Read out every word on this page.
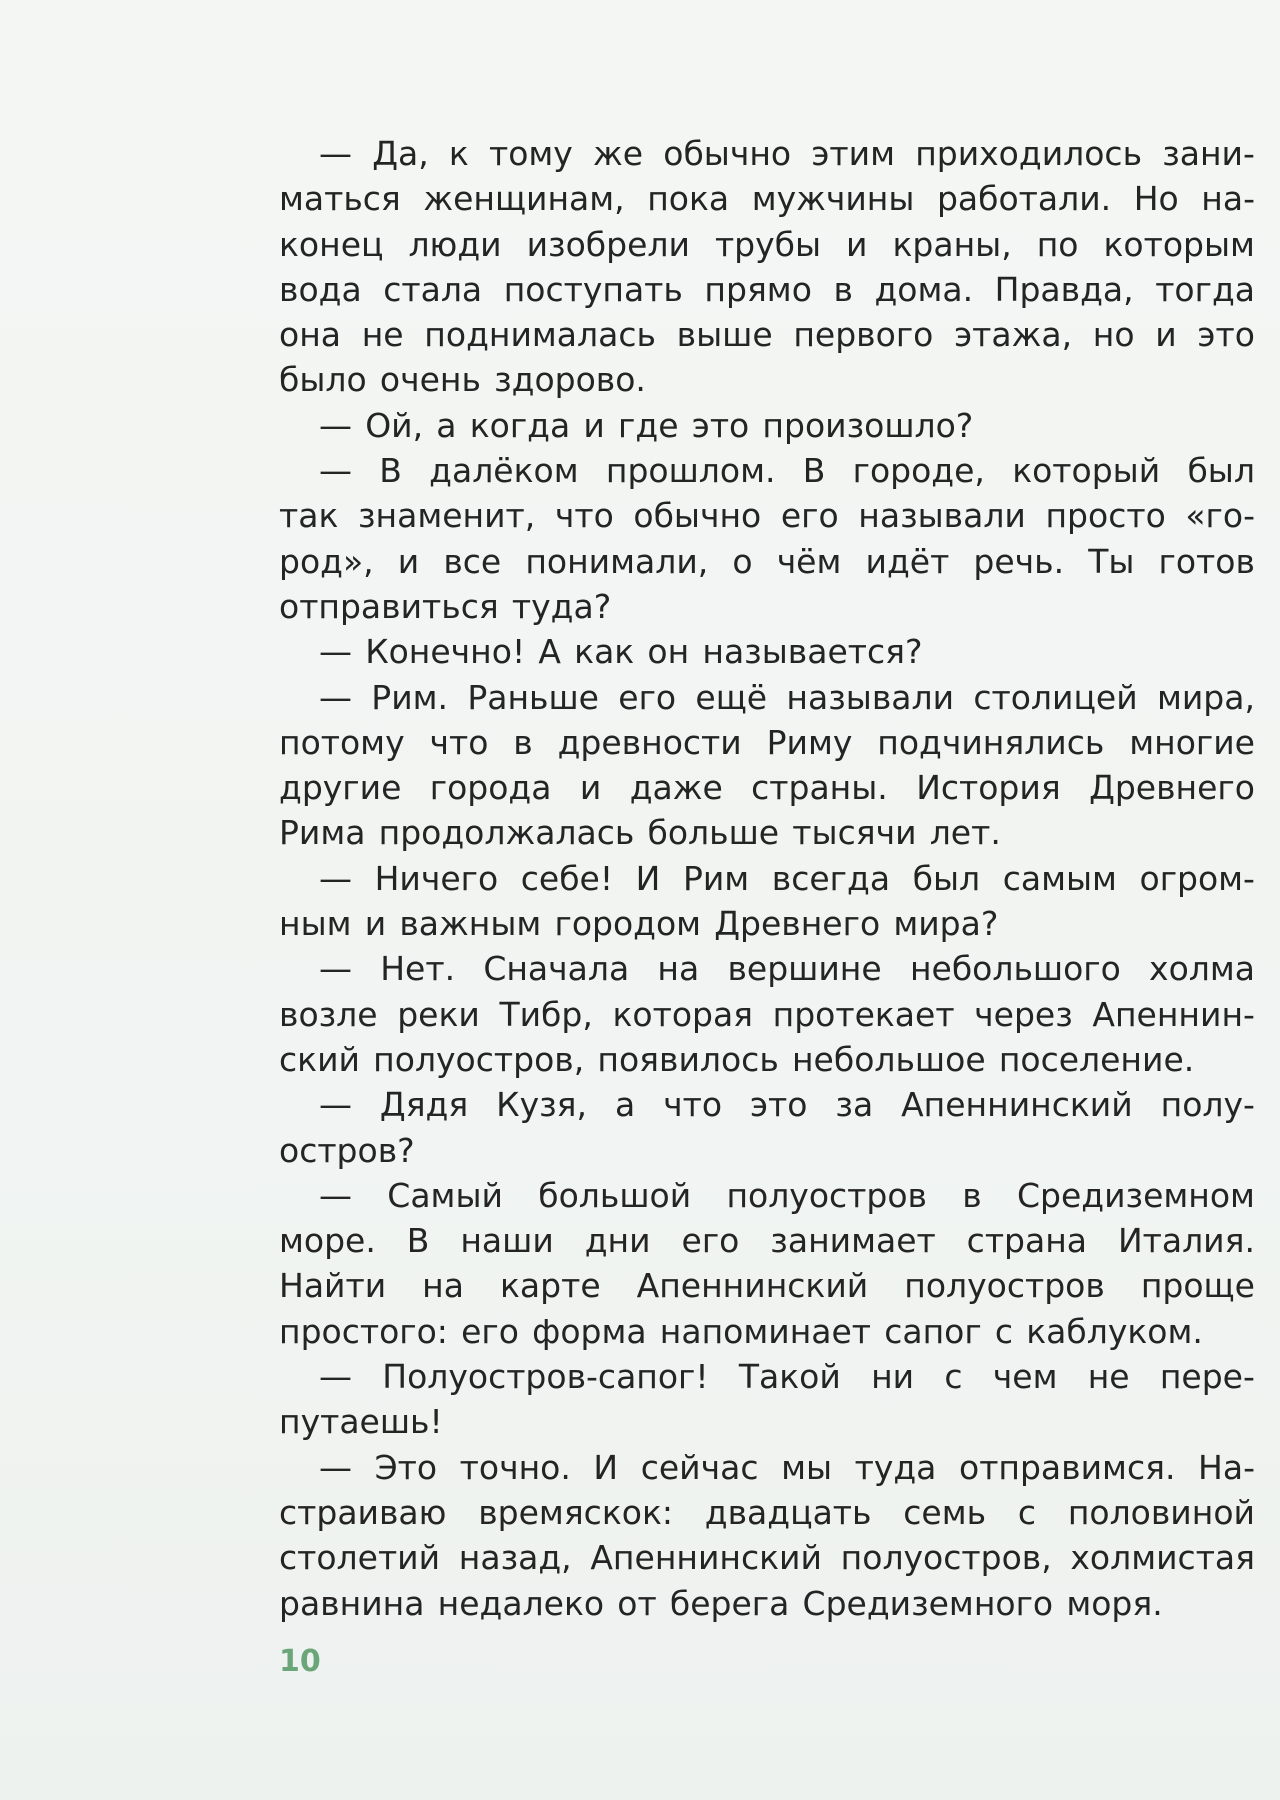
— Да, к тому же обычно этим приходилось зани-
маться женщинам, пока мужчины работали. Но на-
конец люди изобрели трубы и краны, по которым
вода стала поступать прямо в дома. Правда, тогда
она не поднималась выше первого этажа, но и это
было очень здорово.
— Ой, а когда и где это произошло?
— В далёком прошлом. В городе, который был
так знаменит, что обычно его называли просто «го-
род», и все понимали, о чём идёт речь. Ты готов
отправиться туда?
— Конечно! А как он называется?
— Рим. Раньше его ещё называли столицей мира,
потому что в древности Риму подчинялись многие
другие города и даже страны. История Древнего
Рима продолжалась больше тысячи лет.
— Ничего себе! И Рим всегда был самым огром-
ным и важным городом Древнего мира?
— Нет. Сначала на вершине небольшого холма
возле реки Тибр, которая протекает через Апеннин-
ский полуостров, появилось небольшое поселение.
— Дядя Кузя, а что это за Апеннинский полу-
остров?
— Самый большой полуостров в Средиземном
море. В наши дни его занимает страна Италия.
Найти на карте Апеннинский полуостров проще
простого: его форма напоминает сапог с каблуком.
— Полуостров-сапог! Такой ни с чем не пере-
путаешь!
— Это точно. И сейчас мы туда отправимся. На-
страиваю времяскок: двадцать семь с половиной
столетий назад, Апеннинский полуостров, холмистая
равнина недалеко от берега Средиземного моря.
10
